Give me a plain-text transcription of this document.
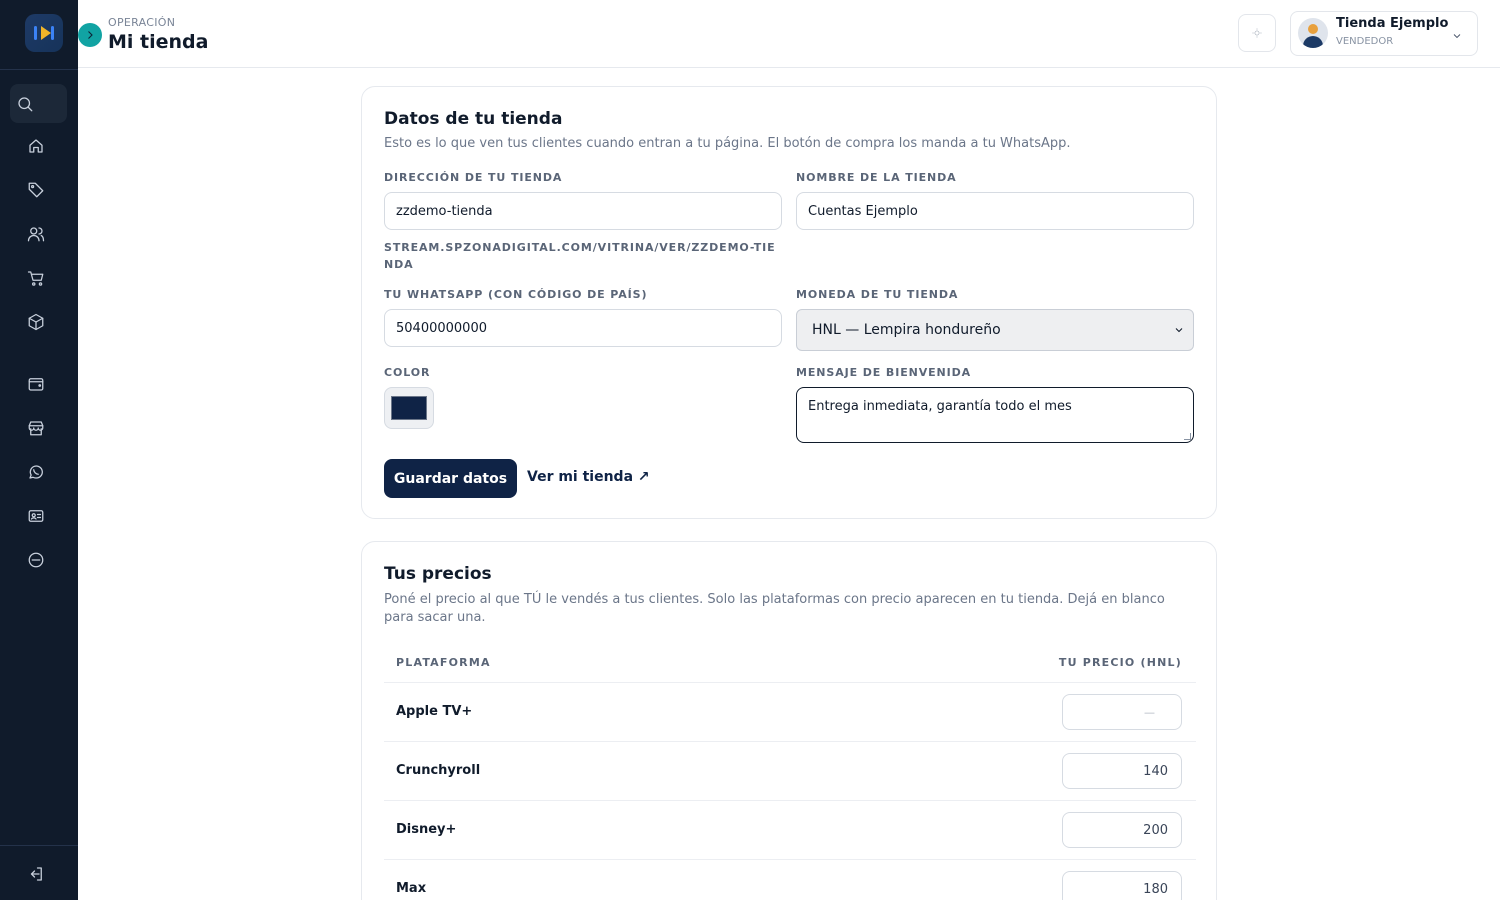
OPERACIÓN
Mi tienda
Tienda Ejemplo
VENDEDOR
Datos de tu tienda
Esto es lo que ven tus clientes cuando entran a tu página. El botón de compra los manda a tu WhatsApp.
DIRECCIÓN DE TU TIENDA
zzdemo-tienda
STREAM.SPZONADIGITAL.COM/VITRINA/VER/ZZDEMO-TIENDA
NOMBRE DE LA TIENDA
Cuentas Ejemplo
TU WHATSAPP (CON CÓDIGO DE PAÍS)
50400000000
MONEDA DE TU TIENDA
HNL — Lempira hondureño
COLOR	MENSAJE DE BIENVENIDA
Entrega inmediata, garantía todo el mes
Guardar datos	Ver mi tienda ↗
Tus precios
Poné el precio al que TÚ le vendés a tus clientes. Solo las plataformas con precio aparecen en tu tienda. Dejá en blanco para sacar una.
PLATAFORMA	TU PRECIO (HNL)
Apple TV+	—
Crunchyroll	140
Disney+	200
Max	180
